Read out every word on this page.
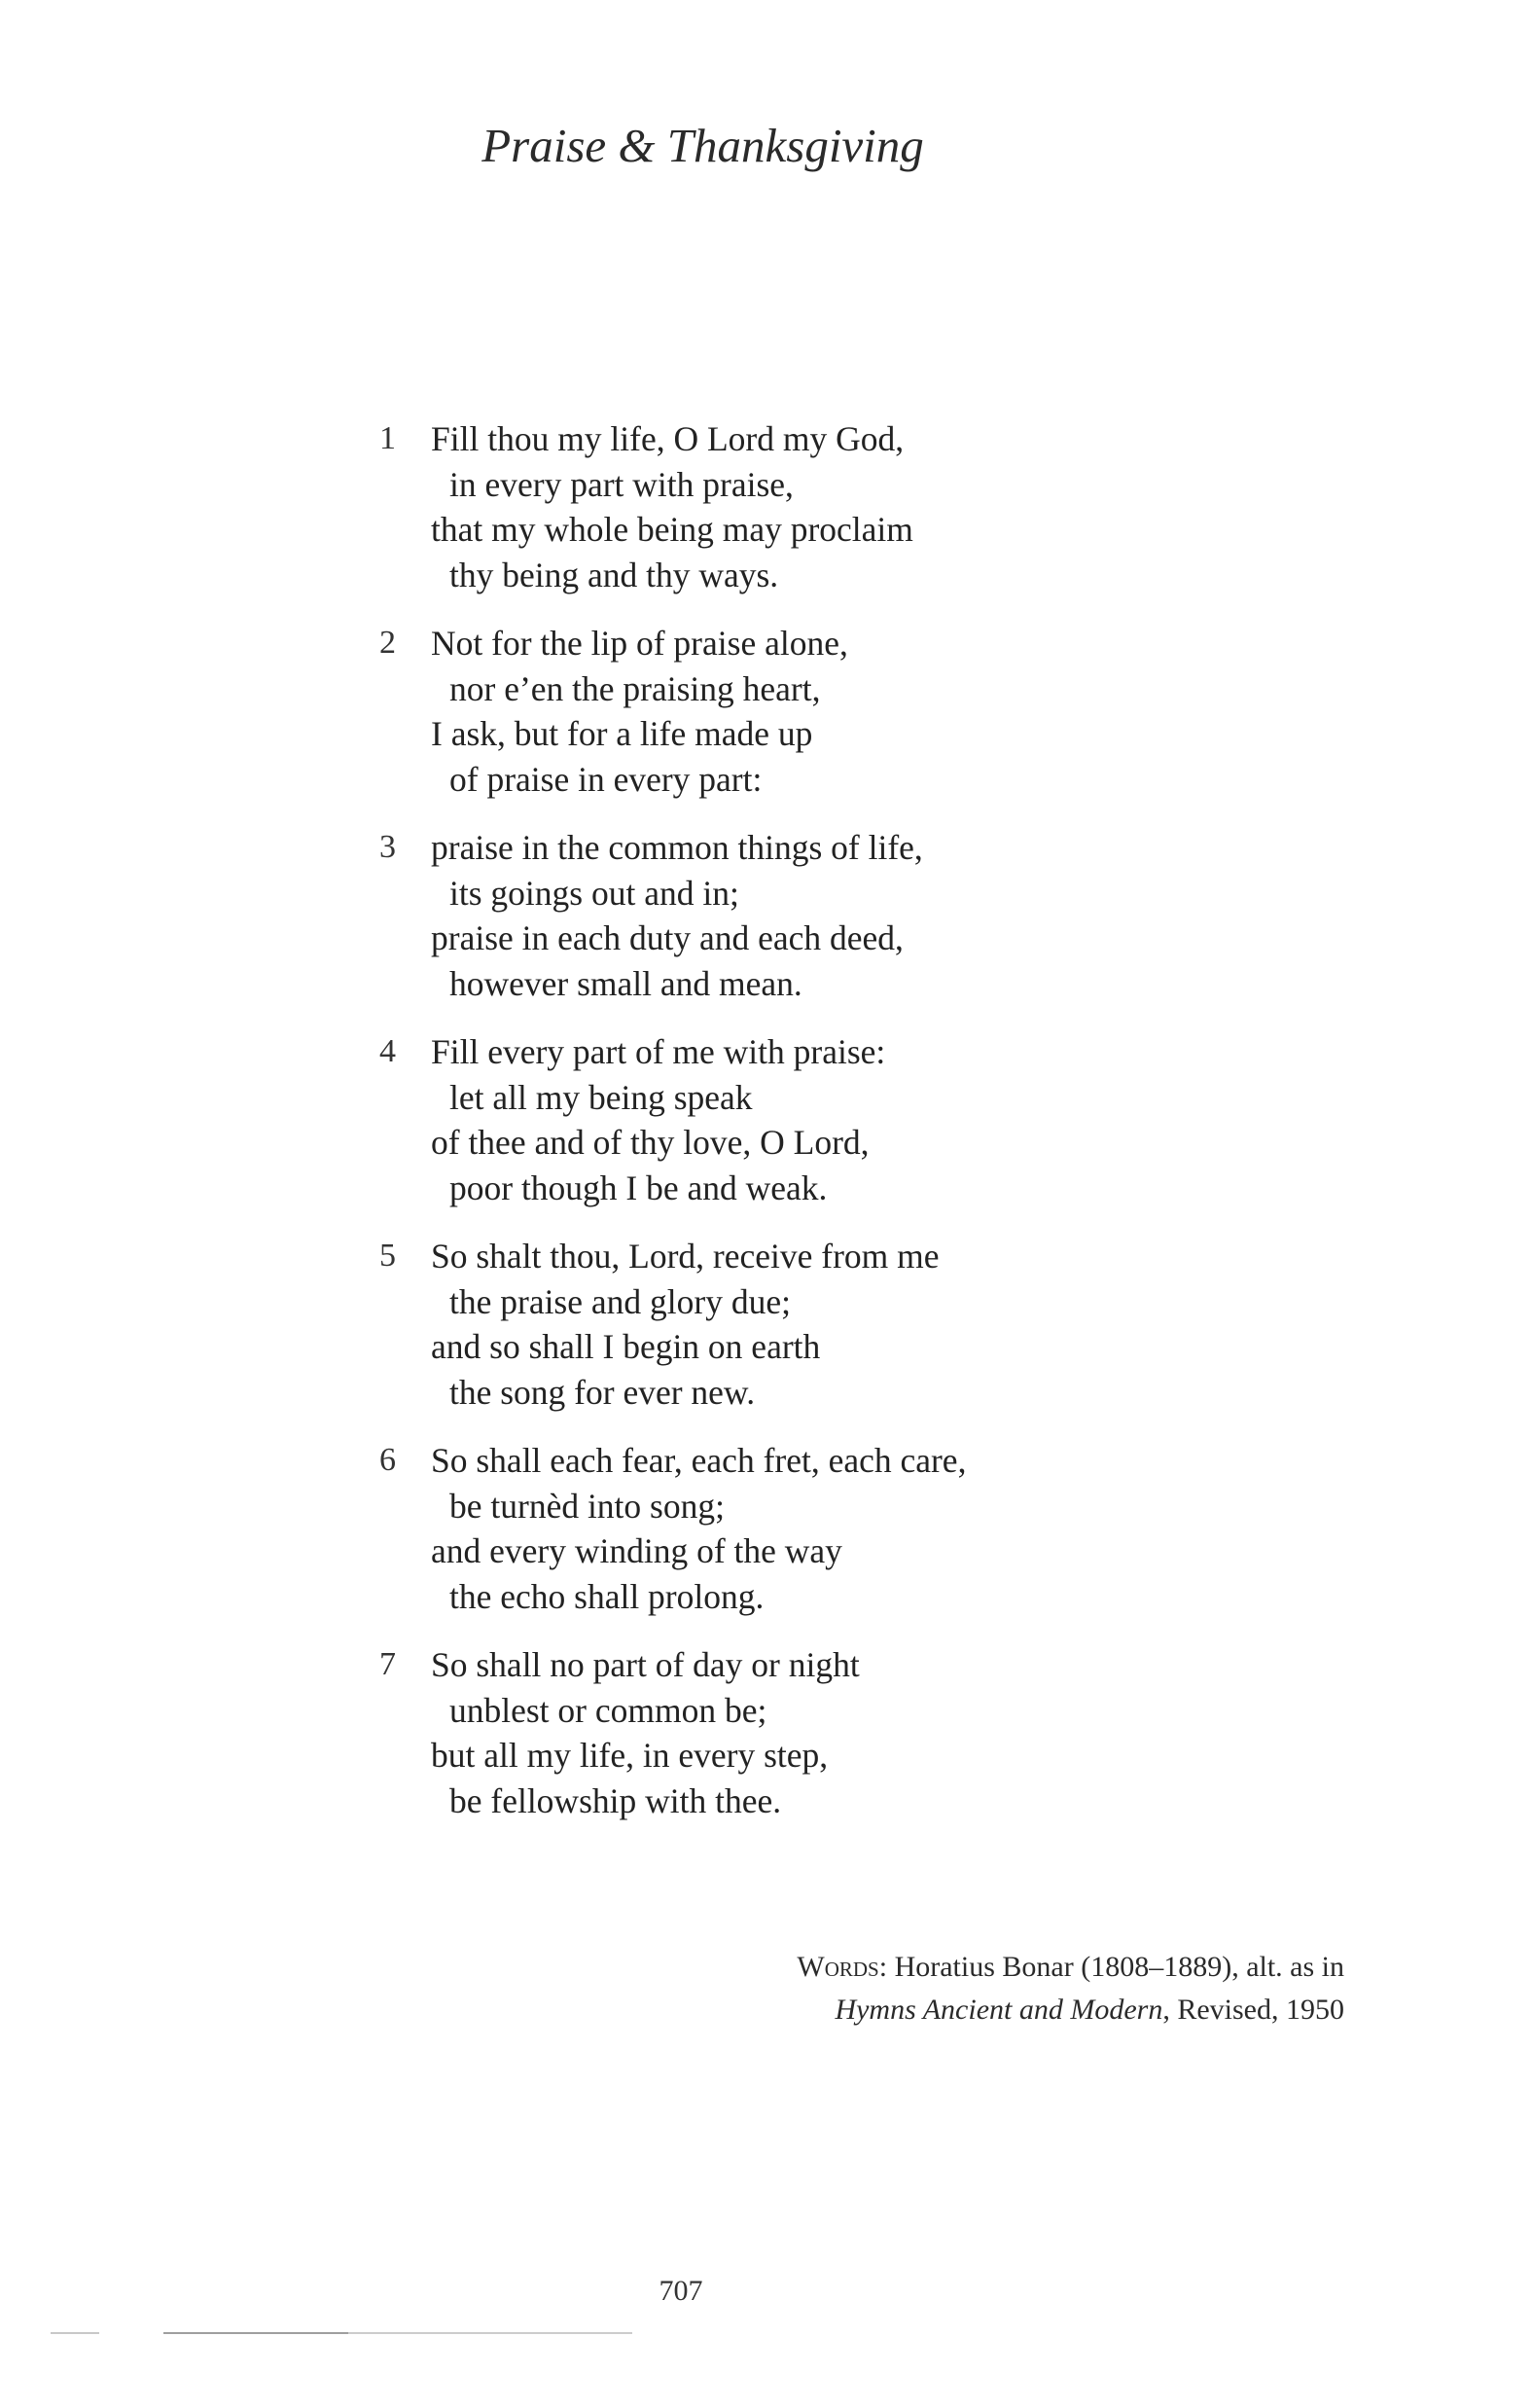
Praise & Thanksgiving
1 Fill thou my life, O Lord my God,
in every part with praise,
that my whole being may proclaim
thy being and thy ways.
2 Not for the lip of praise alone,
nor e’en the praising heart,
I ask, but for a life made up
of praise in every part:
3 praise in the common things of life,
its goings out and in;
praise in each duty and each deed,
however small and mean.
4 Fill every part of me with praise:
let all my being speak
of thee and of thy love, O Lord,
poor though I be and weak.
5 So shalt thou, Lord, receive from me
the praise and glory due;
and so shall I begin on earth
the song for ever new.
6 So shall each fear, each fret, each care,
be turnèd into song;
and every winding of the way
the echo shall prolong.
7 So shall no part of day or night
unblest or common be;
but all my life, in every step,
be fellowship with thee.
Words: Horatius Bonar (1808–1889), alt. as in
Hymns Ancient and Modern, Revised, 1950
707
